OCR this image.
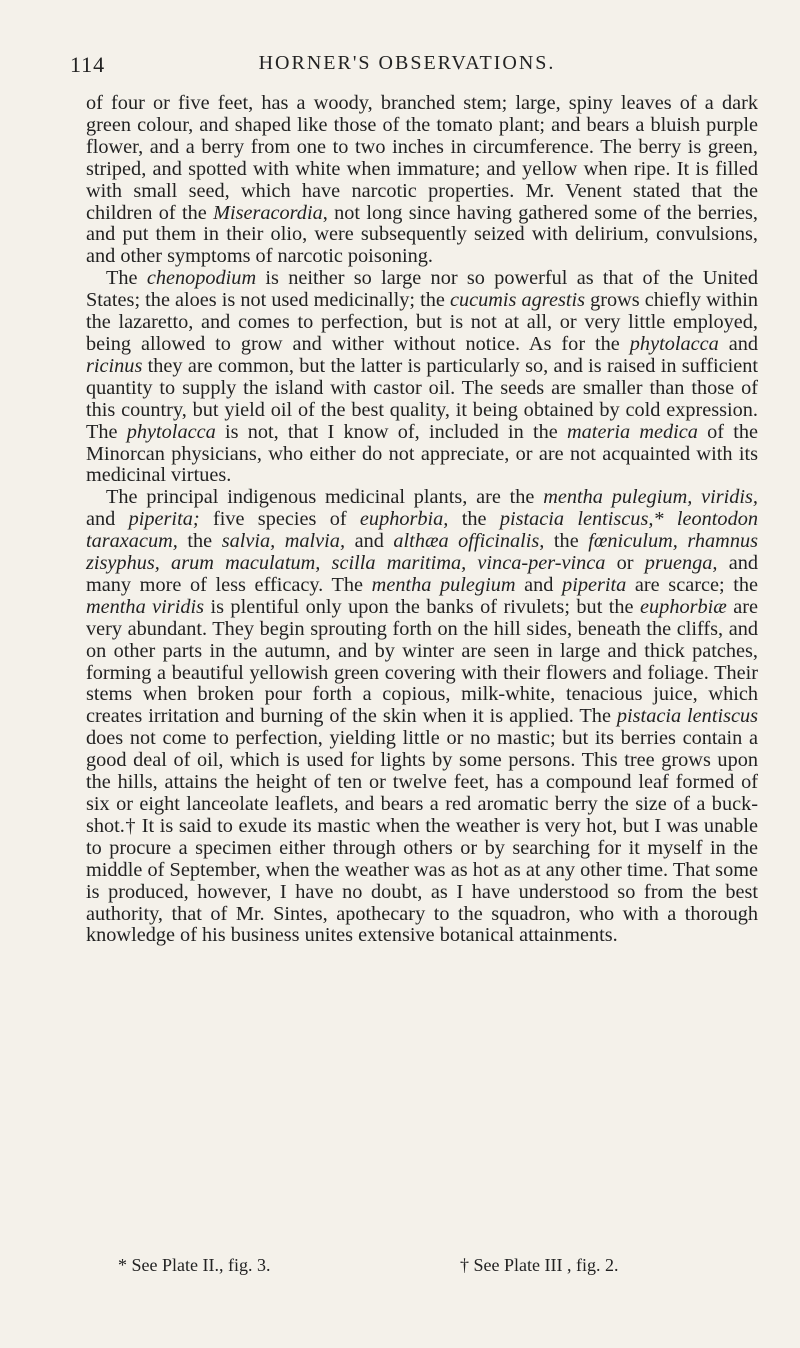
114	HORNER'S OBSERVATIONS.

of four or five feet, has a woody, branched stem; large, spiny leaves of a dark green colour, and shaped like those of the tomato plant; and bears a bluish purple flower, and a berry from one to two inches in circumference. The berry is green, striped, and spotted with white when immature; and yellow when ripe. It is filled with small seed, which have narcotic properties. Mr. Venent stated that the children of the Miseracordia, not long since having gathered some of the berries, and put them in their olio, were subsequently seized with delirium, convulsions, and other symptoms of narcotic poisoning.

The chenopodium is neither so large nor so powerful as that of the United States; the aloes is not used medicinally; the cucumis agrestis grows chiefly within the lazaretto, and comes to perfection, but is not at all, or very little employed, being allowed to grow and wither without notice. As for the phytolacca and ricinus they are common, but the latter is particularly so, and is raised in sufficient quantity to supply the island with castor oil. The seeds are smaller than those of this country, but yield oil of the best quality, it being obtained by cold expression. The phytolacca is not, that I know of, included in the materia medica of the Minorcan physicians, who either do not appreciate, or are not acquainted with its medicinal virtues.

The principal indigenous medicinal plants, are the mentha pulegium, viridis, and piperita; five species of euphorbia, the pistacia lentiscus,* leontodon taraxacum, the salvia, malvia, and althæa officinalis, the fœniculum, rhamnus zisyphus, arum maculatum, scilla maritima, vinca-per-vinca or pruenga, and many more of less efficacy. The mentha pulegium and piperita are scarce; the mentha viridis is plentiful only upon the banks of rivulets; but the euphorbiæ are very abundant. They begin sprouting forth on the hill sides, beneath the cliffs, and on other parts in the autumn, and by winter are seen in large and thick patches, forming a beautiful yellowish green covering with their flowers and foliage. Their stems when broken pour forth a copious, milk-white, tenacious juice, which creates irritation and burning of the skin when it is applied. The pistacia lentiscus does not come to perfection, yielding little or no mastic; but its berries contain a good deal of oil, which is used for lights by some persons. This tree grows upon the hills, attains the height of ten or twelve feet, has a compound leaf formed of six or eight lanceolate leaflets, and bears a red aromatic berry the size of a buck-shot.† It is said to exude its mastic when the weather is very hot, but I was unable to procure a specimen either through others or by searching for it myself in the middle of September, when the weather was as hot as at any other time. That some is produced, however, I have no doubt, as I have understood so from the best authority, that of Mr. Sintes, apothecary to the squadron, who with a thorough knowledge of his business unites extensive botanical attainments.

* See Plate II., fig. 3.	† See Plate III , fig. 2.
